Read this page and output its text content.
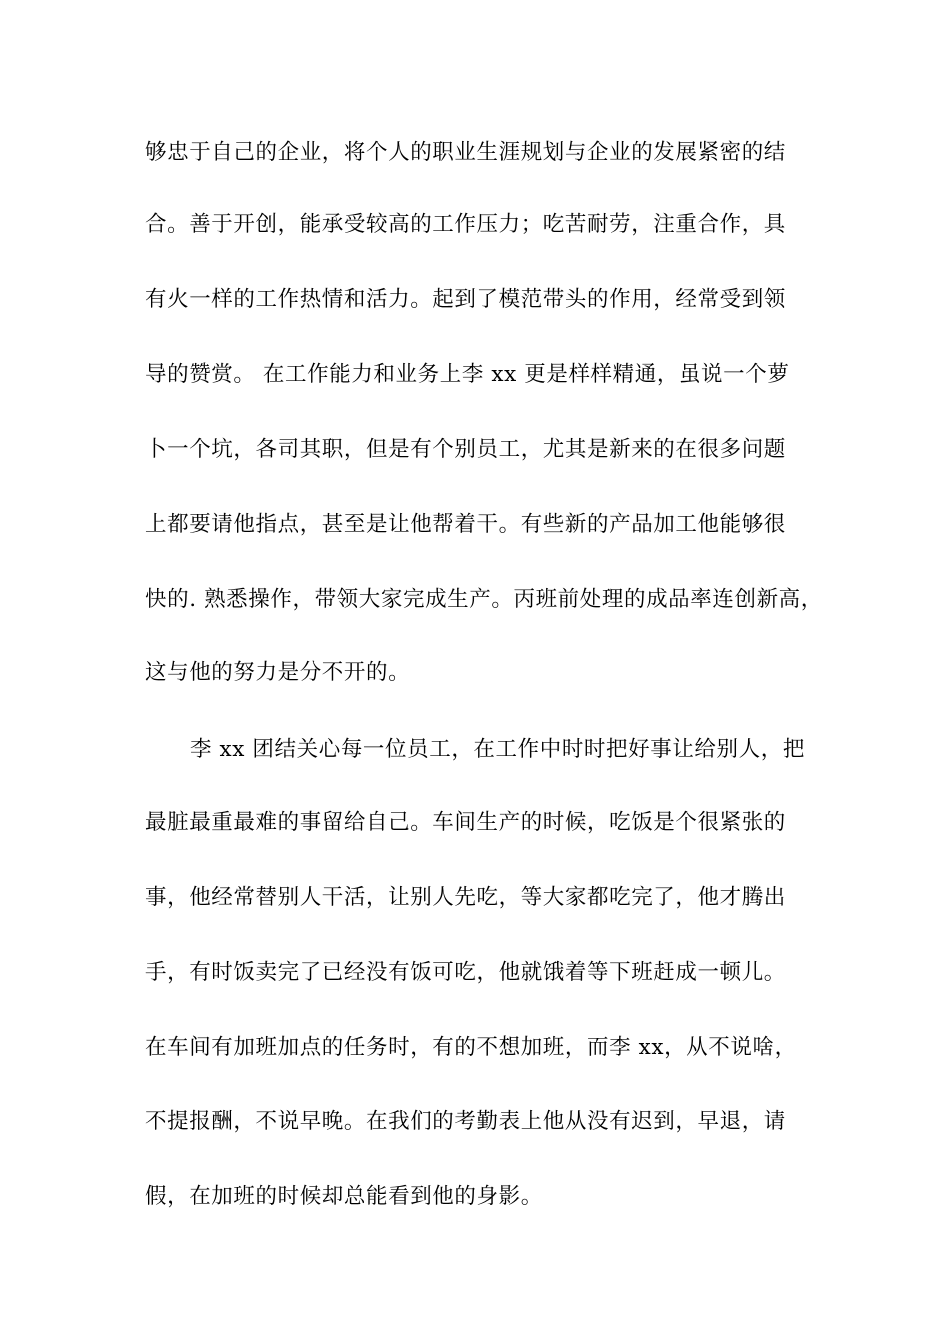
够忠于自己的企业，将个人的职业生涯规划与企业的发展紧密的结
合。善于开创，能承受较高的工作压力；吃苦耐劳，注重合作，具
有火一样的工作热情和活力。起到了模范带头的作用，经常受到领
导的赞赏。 在工作能力和业务上李 xx 更是样样精通，虽说一个萝
卜一个坑，各司其职，但是有个别员工，尤其是新来的在很多问题
上都要请他指点，甚至是让他帮着干。有些新的产品加工他能够很
快的. 熟悉操作，带领大家完成生产。丙班前处理的成品率连创新高，
这与他的努力是分不开的。
李 xx 团结关心每一位员工，在工作中时时把好事让给别人，把
最脏最重最难的事留给自己。车间生产的时候，吃饭是个很紧张的
事，他经常替别人干活，让别人先吃，等大家都吃完了，他才腾出
手，有时饭卖完了已经没有饭可吃，他就饿着等下班赶成一顿儿。
在车间有加班加点的任务时，有的不想加班，而李 xx，从不说啥，
不提报酬，不说早晚。在我们的考勤表上他从没有迟到，早退，请
假，在加班的时候却总能看到他的身影。
